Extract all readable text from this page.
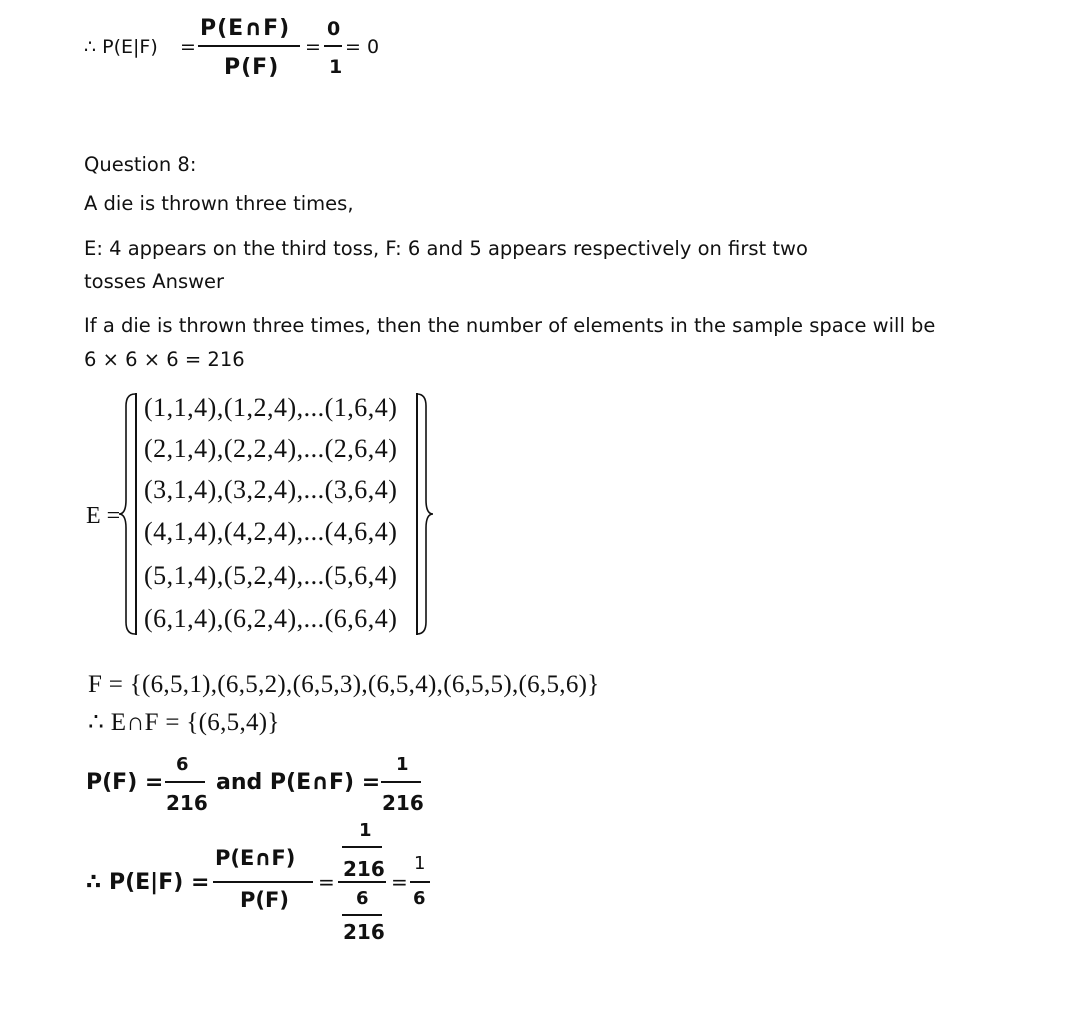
∴ P(E|F) =
P(E∩F)
P(F)
=
0
1
= 0
Question 8:
A die is thrown three times,
E: 4 appears on the third toss, F: 6 and 5 appears respectively on first two
tosses Answer
If a die is thrown three times, then the number of elements in the sample space will be
6 × 6 × 6 = 216
E =
(1,1,4),(1,2,4),...(1,6,4)
(2,1,4),(2,2,4),...(2,6,4)
(3,1,4),(3,2,4),...(3,6,4)
(4,1,4),(4,2,4),...(4,6,4)
(5,1,4),(5,2,4),...(5,6,4)
(6,1,4),(6,2,4),...(6,6,4)
F = {(6,5,1),(6,5,2),(6,5,3),(6,5,4),(6,5,5),(6,5,6)}
∴ E∩F = {(6,5,4)}
P(F) =
6
216
and P(E∩F) =
1
216
∴ P(E|F) =
P(E∩F)
P(F)
=
1
216
6
216
=
1
6
